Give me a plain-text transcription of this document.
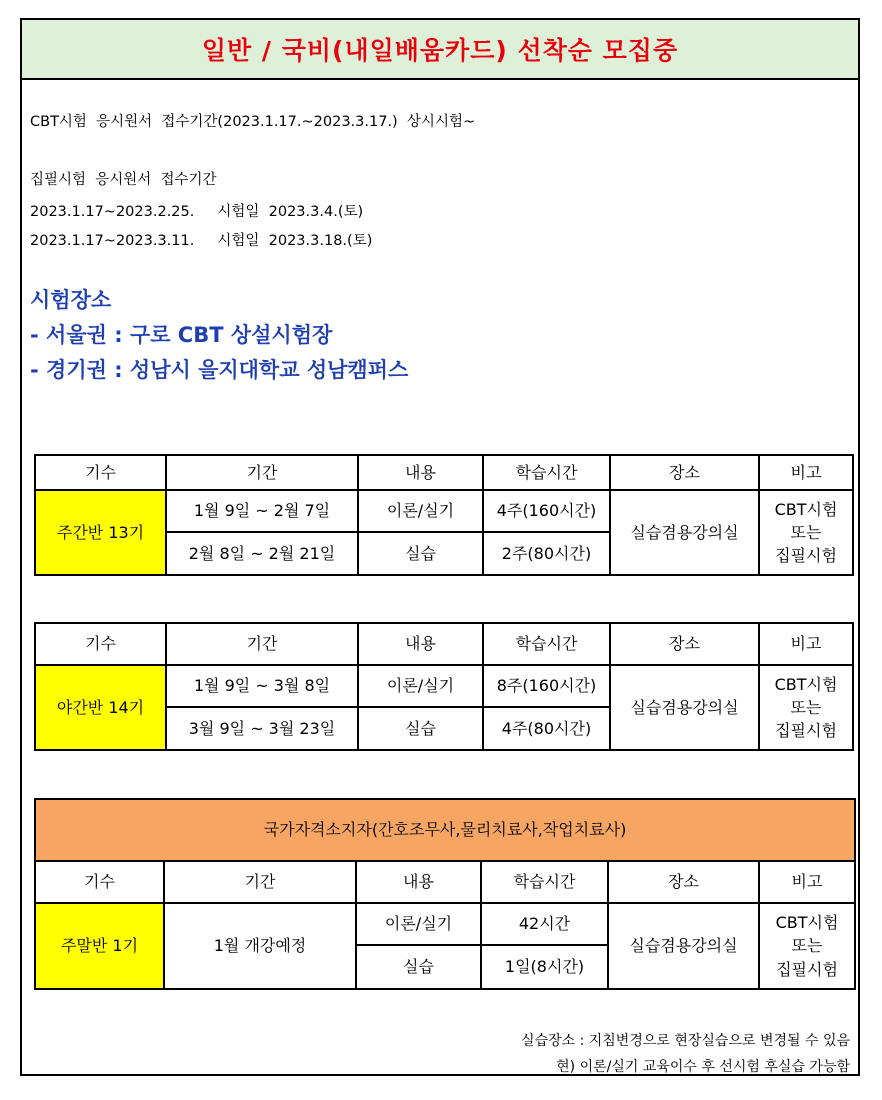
일반 / 국비(내일배움카드) 선착순 모집중
CBT시험  응시원서  접수기간(2023.1.17.~2023.3.17.)  상시시험~
집필시험  응시원서  접수기간
2023.1.17~2023.2.25.     시험일  2023.3.4.(토)
2023.1.17~2023.3.11.     시험일  2023.3.18.(토)
시험장소
- 서울권 : 구로 CBT 상설시험장
- 경기권 : 성남시 을지대학교 성남캠퍼스
기수	기간	내용	학습시간	장소	비고
주간반 13기	1월 9일 ~ 2월 7일	이론/실기	4주(160시간)	실습겸용강의실	CBT시험
또는
집필시험

	2월 8일 ~ 2월 21일	실습	2주(80시간)		
기수	기간	내용	학습시간	장소	비고
야간반 14기	1월 9일 ~ 3월 8일	이론/실기	8주(160시간)	실습겸용강의실	CBT시험
또는
집필시험

	3월 9일 ~ 3월 23일	실습	4주(80시간)		
국가자격소지자(간호조무사,물리치료사,작업치료사)					
기수	기간	내용	학습시간	장소	비고
주말반 1기	1월 개강예정	이론/실기	42시간	실습겸용강의실	CBT시험
또는
집필시험

		실습	1일(8시간)		
실습장소 : 지침변경으로 현장실습으로 변경될 수 있음
현) 이론/실기 교육이수 후 선시험 후실습 가능함
